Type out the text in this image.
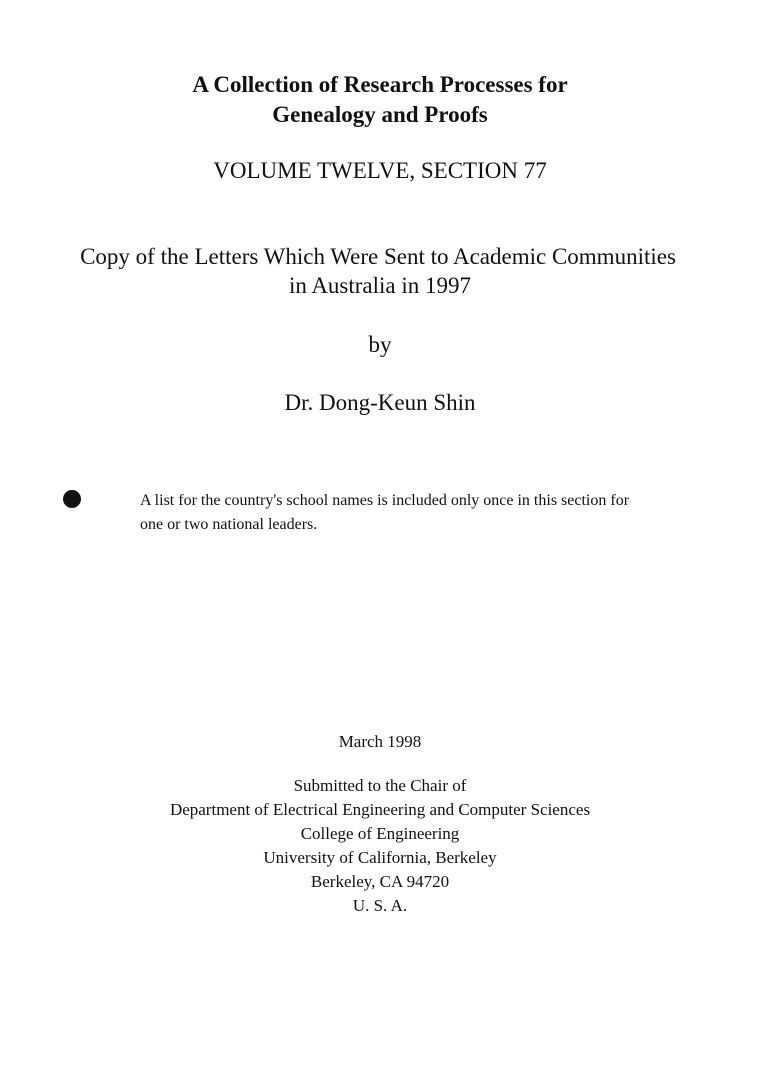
A Collection of Research Processes for
Genealogy and Proofs
VOLUME TWELVE, SECTION 77
Copy of the Letters Which Were Sent to Academic Communities
in Australia in 1997
by
Dr. Dong-Keun Shin
A list for the country's school names is included only once in this section for
one or two national leaders.
March 1998
Submitted to the Chair of
Department of Electrical Engineering and Computer Sciences
College of Engineering
University of California, Berkeley
Berkeley, CA 94720
U. S. A.
